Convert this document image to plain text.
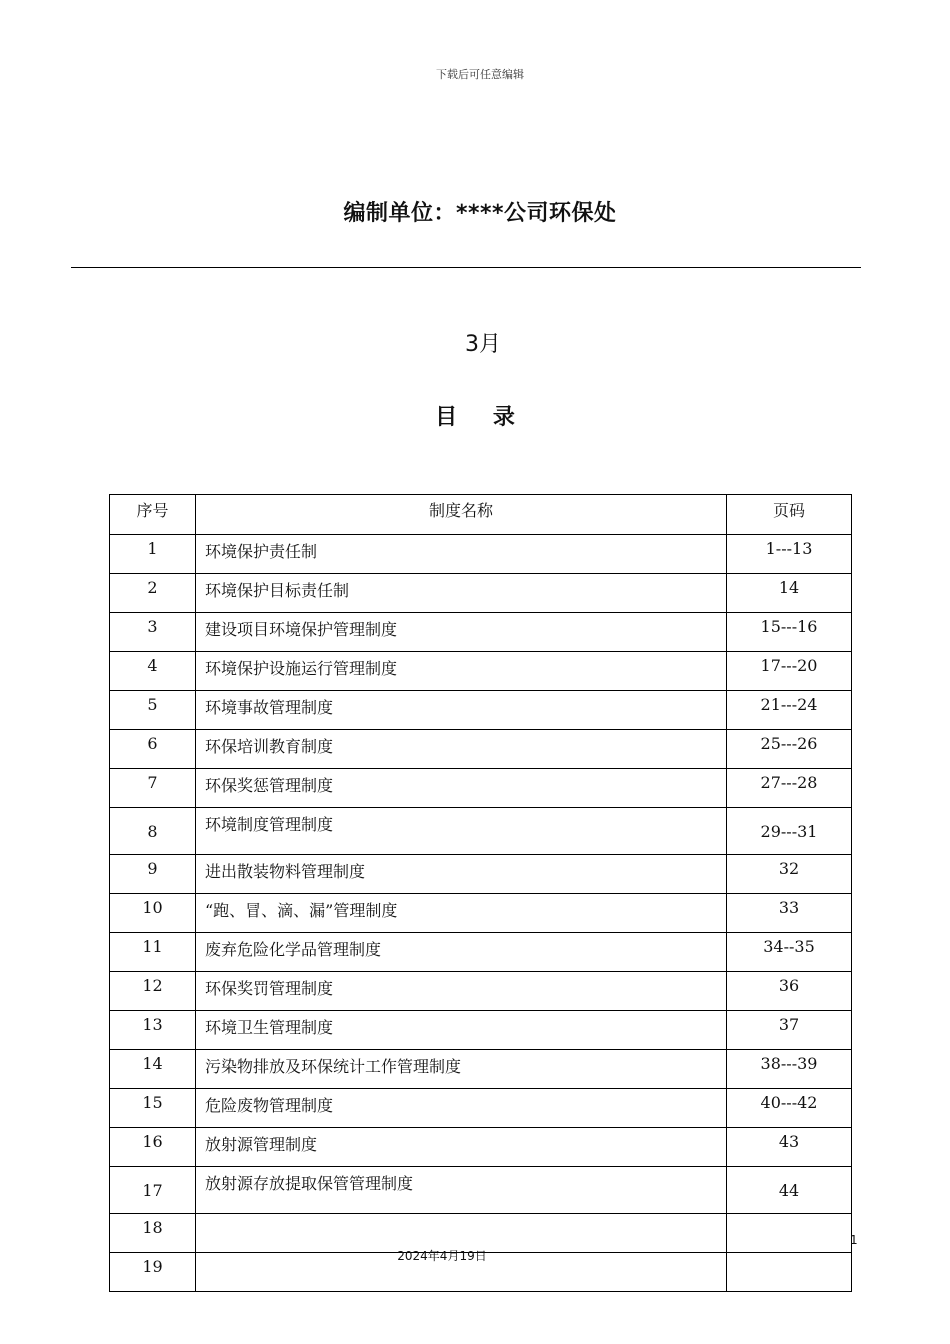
下载后可任意编辑
编制单位：****公司环保处
3月
目 录
序号	制度名称	页码
1	环境保护责任制	1---13
2	环境保护目标责任制	14
3	建设项目环境保护管理制度	15---16
4	环境保护设施运行管理制度	17---20
5	环境事故管理制度	21---24
6	环保培训教育制度	25---26
7	环保奖惩管理制度	27---28
8	环境制度管理制度	29---31
9	进出散装物料管理制度	32
10	“跑、冒、滴、漏”管理制度	33
11	废弃危险化学品管理制度	34--35
12	环保奖罚管理制度	36
13	环境卫生管理制度	37
14	污染物排放及环保统计工作管理制度	38---39
15	危险废物管理制度	40---42
16	放射源管理制度	43
17	放射源存放提取保管管理制度	44
18		
19		
1
2024年4月19日
